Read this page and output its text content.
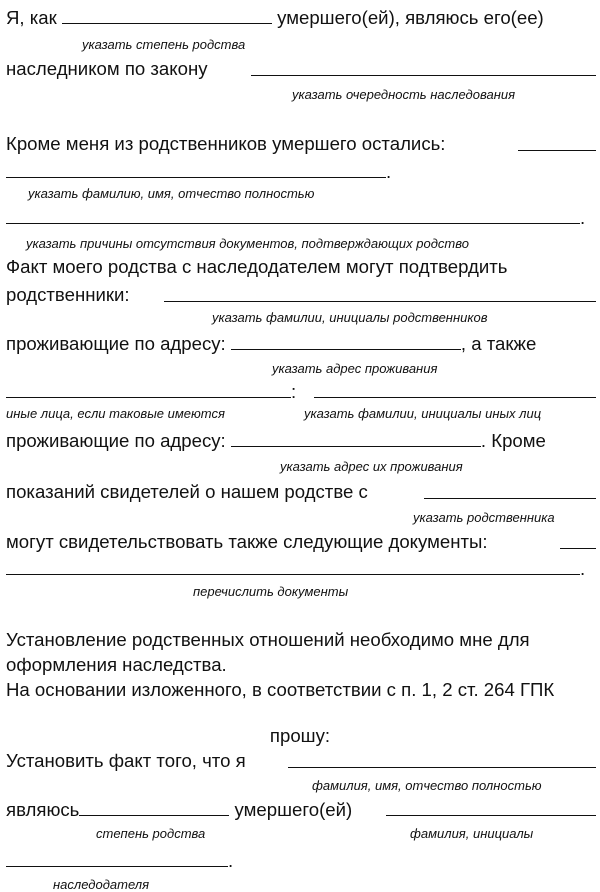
Я, как	умершего(ей), являюсь его(ее)
указать степень родства
наследником по закону
указать очередность наследования
Кроме меня из родственников умершего остались:
.
указать фамилию, имя, отчество полностью
.
указать причины отсутствия документов, подтверждающих родство
Факт моего родства с наследодателем могут подтвердить
родственники:
указать фамилии, инициалы родственников
проживающие по адресу:	, а также
указать адрес проживания
:
иные лица, если таковые имеются	указать фамилии, инициалы иных лиц
проживающие по адресу:	. Кроме
указать адрес их проживания
показаний свидетелей о нашем родстве с
указать родственника
могут свидетельствовать также следующие документы:
.
перечислить документы
Установление родственных отношений необходимо мне для
оформления наследства.
На основании изложенного, в соответствии с п. 1, 2 ст. 264 ГПК
прошу:
Установить факт того, что я
фамилия, имя, отчество полностью
являюсь	умершего(ей)
степень родства	фамилия, инициалы
.
наследодателя
